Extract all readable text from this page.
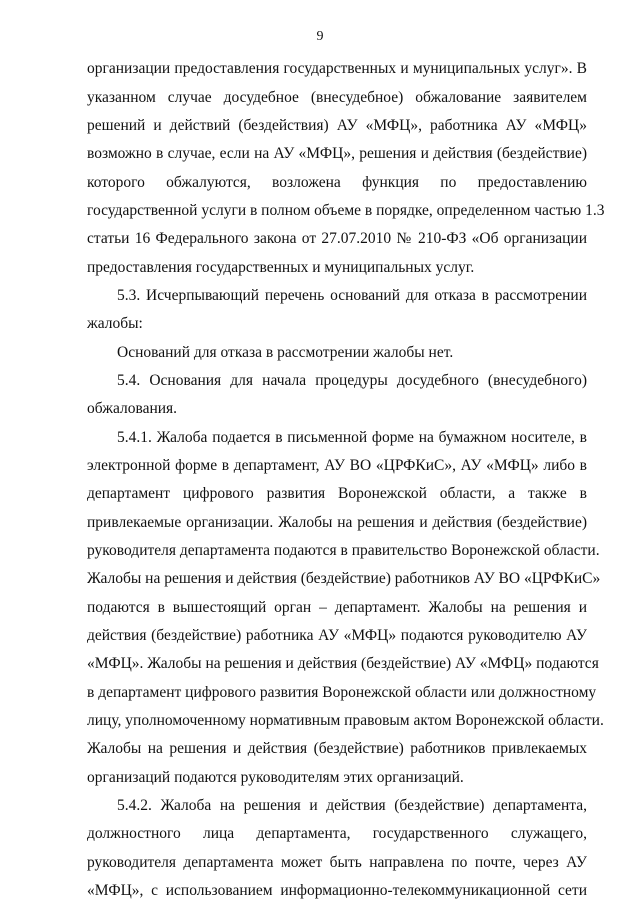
9
организации предоставления государственных и муниципальных услуг». В
указанном случае досудебное (внесудебное) обжалование заявителем
решений и действий (бездействия) АУ «МФЦ», работника АУ «МФЦ»
возможно в случае, если на АУ «МФЦ», решения и действия (бездействие)
которого обжалуются, возложена функция по предоставлению
государственной услуги в полном объеме в порядке, определенном частью 1.3
статьи 16 Федерального закона от 27.07.2010 № 210-ФЗ «Об организации
предоставления государственных и муниципальных услуг.
5.3. Исчерпывающий перечень оснований для отказа в рассмотрении
жалобы:
Оснований для отказа в рассмотрении жалобы нет.
5.4. Основания для начала процедуры досудебного (внесудебного)
обжалования.
5.4.1. Жалоба подается в письменной форме на бумажном носителе, в
электронной форме в департамент, АУ ВО «ЦРФКиС», АУ «МФЦ» либо в
департамент цифрового развития Воронежской области, а также в
привлекаемые организации. Жалобы на решения и действия (бездействие)
руководителя департамента подаются в правительство Воронежской области.
Жалобы на решения и действия (бездействие) работников АУ ВО «ЦРФКиС»
подаются в вышестоящий орган – департамент. Жалобы на решения и
действия (бездействие) работника АУ «МФЦ» подаются руководителю АУ
«МФЦ». Жалобы на решения и действия (бездействие) АУ «МФЦ» подаются
в департамент цифрового развития Воронежской области или должностному
лицу, уполномоченному нормативным правовым актом Воронежской области.
Жалобы на решения и действия (бездействие) работников привлекаемых
организаций подаются руководителям этих организаций.
5.4.2. Жалоба на решения и действия (бездействие) департамента,
должностного лица департамента, государственного служащего,
руководителя департамента может быть направлена по почте, через АУ
«МФЦ», с использованием информационно-телекоммуникационной сети
